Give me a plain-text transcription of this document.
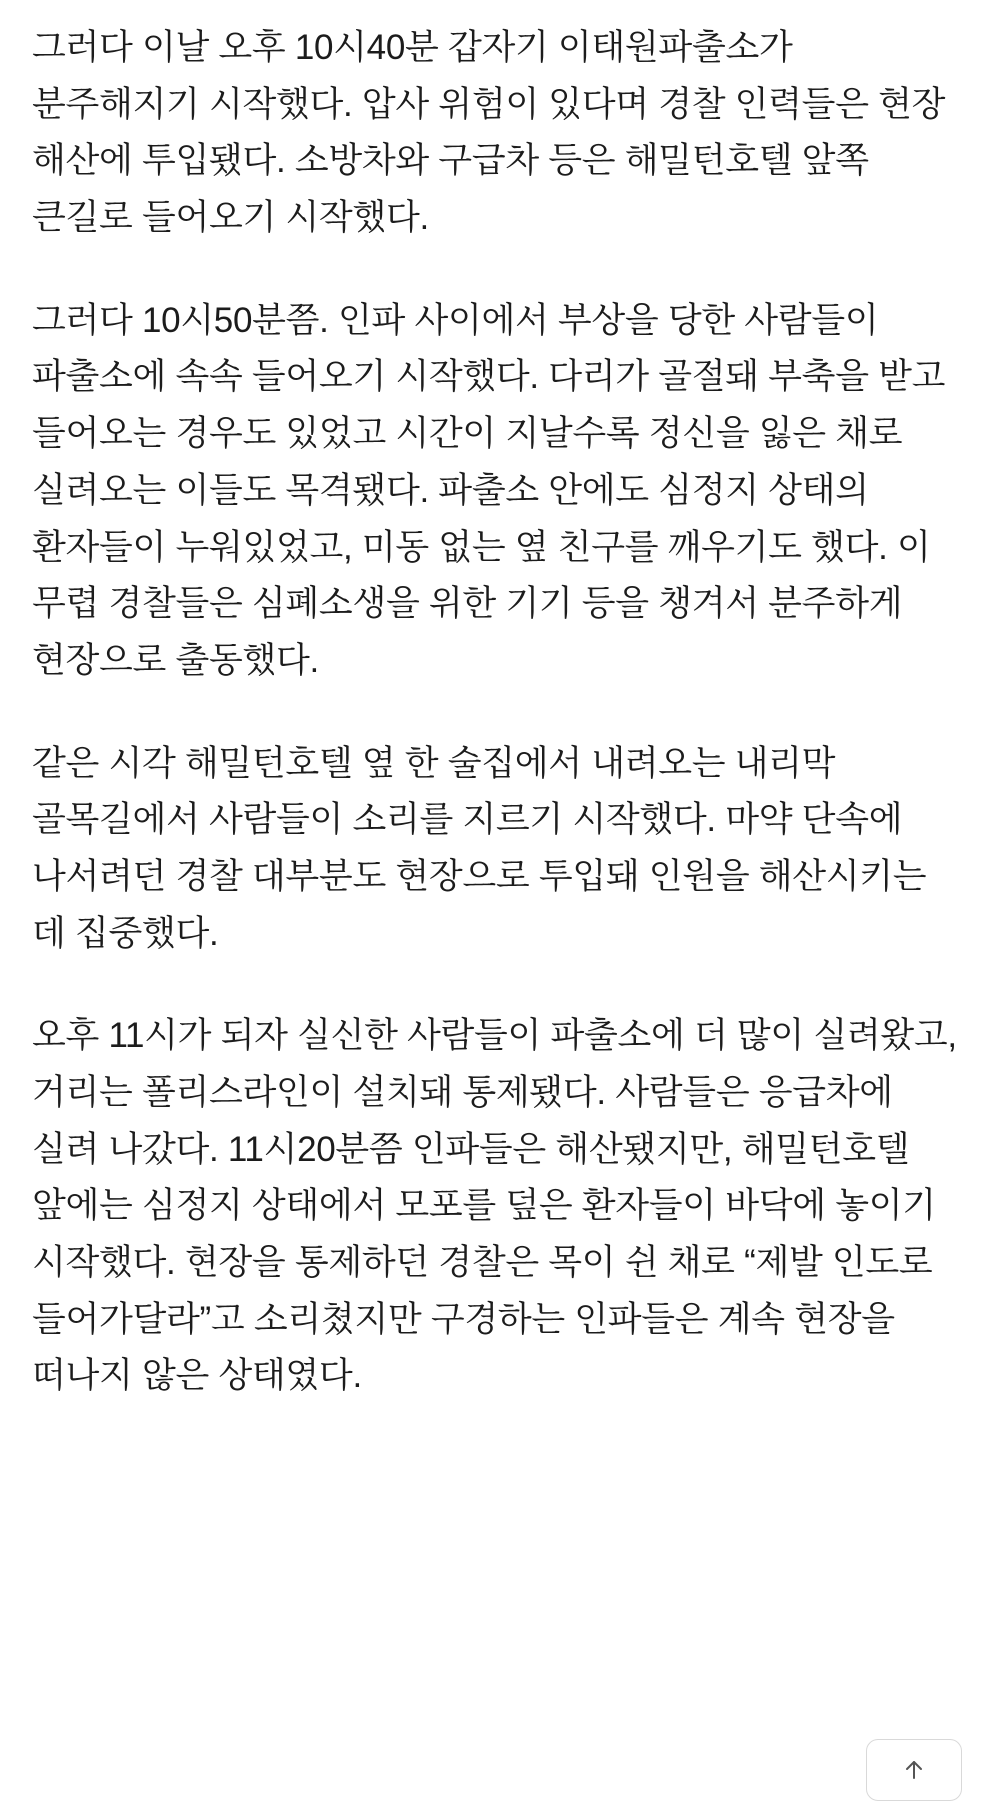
그러다 이날 오후 10시40분 갑자기 이태원파출소가 분주해지기 시작했다. 압사 위험이 있다며 경찰 인력들은 현장 해산에 투입됐다. 소방차와 구급차 등은 해밀턴호텔 앞쪽 큰길로 들어오기 시작했다.

그러다 10시50분쯤. 인파 사이에서 부상을 당한 사람들이 파출소에 속속 들어오기 시작했다. 다리가 골절돼 부축을 받고 들어오는 경우도 있었고 시간이 지날수록 정신을 잃은 채로 실려오는 이들도 목격됐다. 파출소 안에도 심정지 상태의 환자들이 누워있었고, 미동 없는 옆 친구를 깨우기도 했다. 이 무렵 경찰들은 심폐소생을 위한 기기 등을 챙겨서 분주하게 현장으로 출동했다.

같은 시각 해밀턴호텔 옆 한 술집에서 내려오는 내리막 골목길에서 사람들이 소리를 지르기 시작했다. 마약 단속에 나서려던 경찰 대부분도 현장으로 투입돼 인원을 해산시키는 데 집중했다.

오후 11시가 되자 실신한 사람들이 파출소에 더 많이 실려왔고, 거리는 폴리스라인이 설치돼 통제됐다. 사람들은 응급차에 실려 나갔다. 11시20분쯤 인파들은 해산됐지만, 해밀턴호텔 앞에는 심정지 상태에서 모포를 덮은 환자들이 바닥에 놓이기 시작했다. 현장을 통제하던 경찰은 목이 쉰 채로 “제발 인도로 들어가달라”고 소리쳤지만 구경하는 인파들은 계속 현장을 떠나지 않은 상태였다.
